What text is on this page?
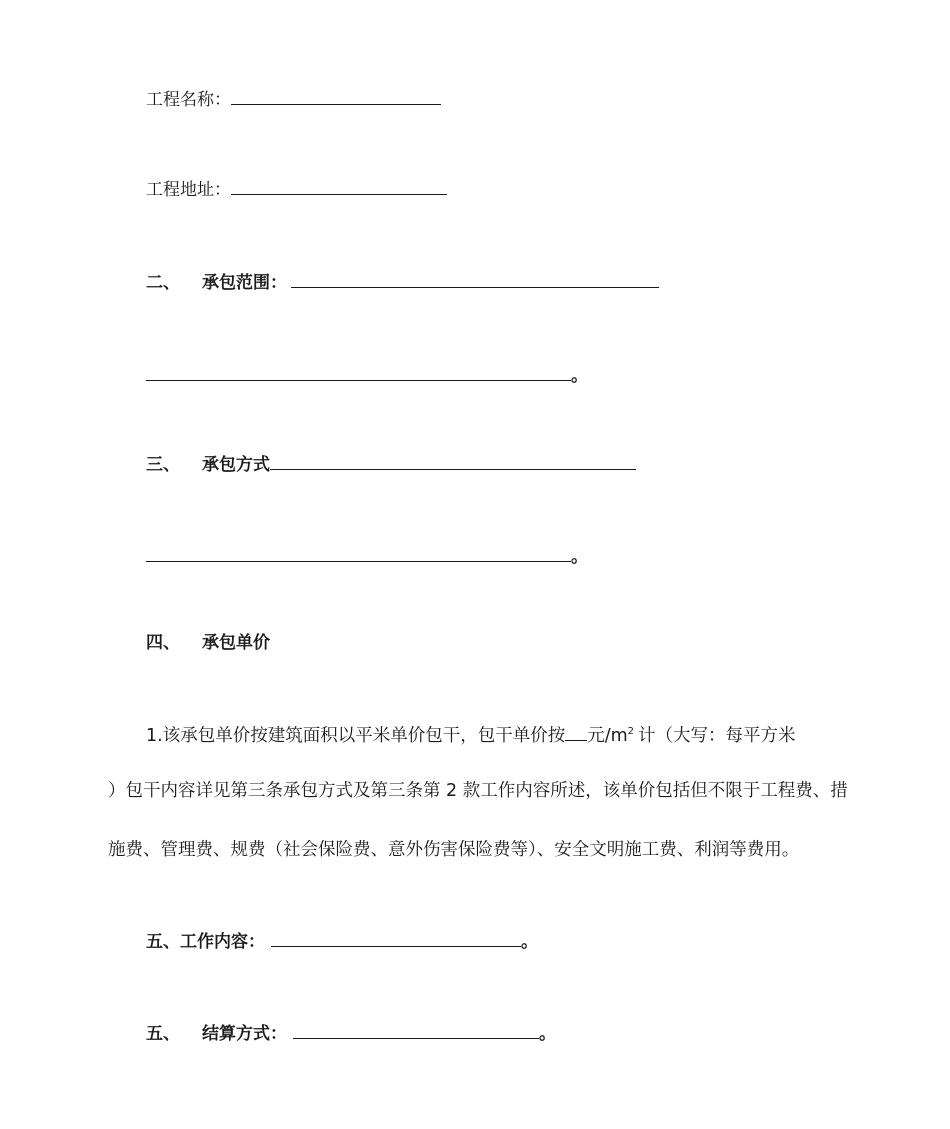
工程名称：
工程地址：
二、 承包范围：
。
三、 承包方式
。
四、 承包单价
1.该承包单价按建筑面积以平米单价包干，包干单价按 元$/m^2$ 计（大写：每平方米
）包干内容详见第三条承包方式及第三条第 2 款工作内容所述，该单价包括但不限于工程费、措
施费、管理费、规费（社会保险费、意外伤害保险费等）、安全文明施工费、利润等费用。
五、工作内容：	。
五、 结算方式：	。
